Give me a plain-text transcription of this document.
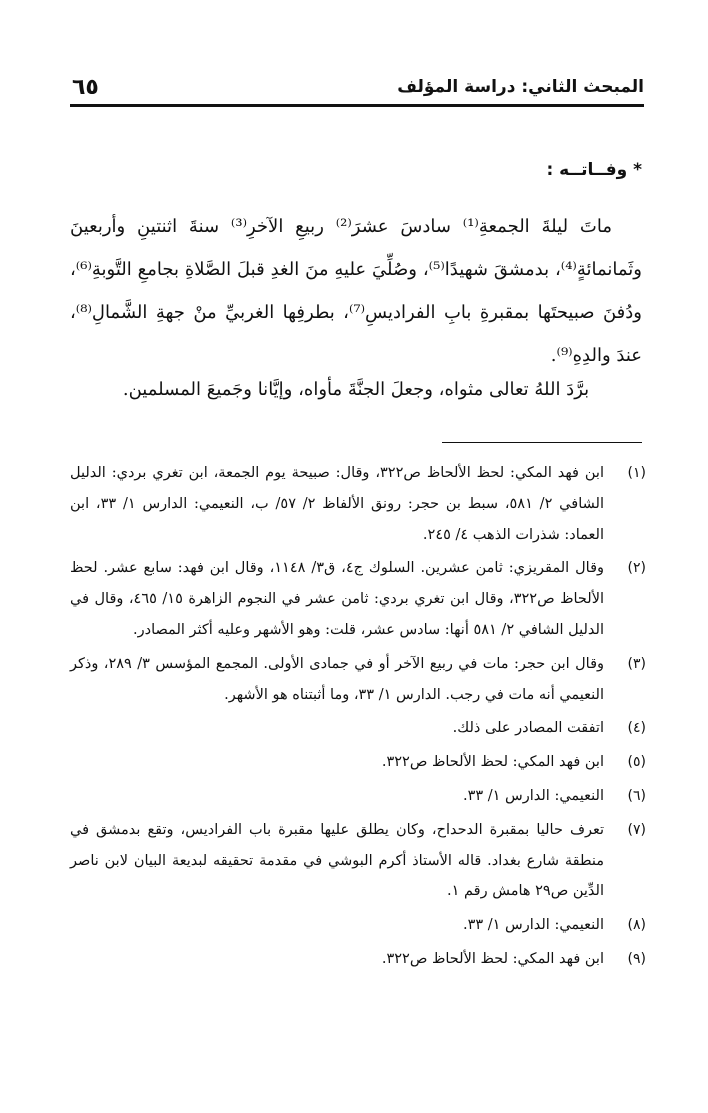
المبحث الثاني: دراسة المؤلف
٦٥
* وفــاتــه :

ماتَ ليلةَ الجمعةِ⁽¹⁾ سادسَ عشرَ⁽²⁾ ربيعِ الآخرِ⁽³⁾ سنةَ اثنتينِ وأربعينَ وثَمانمائةٍ⁽⁴⁾، بدمشقَ شهيدًا⁽⁵⁾، وصُلِّيَ عليهِ منَ الغدِ قبلَ الصَّلاةِ بجامعِ التَّوبةِ⁽⁶⁾، ودُفنَ صبيحتَها بمقبرةِ بابِ الفراديسِ⁽⁷⁾، بطرفِها الغربيِّ منْ جهةِ الشَّمالِ⁽⁸⁾، عندَ والدِهِ⁽⁹⁾.

برَّدَ اللهُ تعالى مثواه، وجعلَ الجنَّةَ مأواه، وإيَّانا وجَميعَ المسلمين.
(١)
ابن فهد المكي: لحظ الألحاظ ص٣٢٢، وقال: صبيحة يوم الجمعة، ابن تغري بردي: الدليل الشافي ٢/ ٥٨١، سبط بن حجر: رونق الألفاظ ٢/ ٥٧/ ب، النعيمي: الدارس ١/ ٣٣، ابن العماد: شذرات الذهب ٤/ ٢٤٥.
(٢)
وقال المقريزي: ثامن عشرين. السلوك ج٤، ق٣/ ١١٤٨، وقال ابن فهد: سابع عشر. لحظ الألحاظ ص٣٢٢، وقال ابن تغري بردي: ثامن عشر في النجوم الزاهرة ١٥/ ٤٦٥، وقال في الدليل الشافي ٢/ ٥٨١ أنها: سادس عشر، قلت: وهو الأشهر وعليه أكثر المصادر.
(٣)
وقال ابن حجر: مات في ربيع الآخر أو في جمادى الأولى. المجمع المؤسس ٣/ ٢٨٩، وذكر النعيمي أنه مات في رجب. الدارس ١/ ٣٣، وما أثبتناه هو الأشهر.
(٤)
اتفقت المصادر على ذلك.
(٥)
ابن فهد المكي: لحظ الألحاظ ص٣٢٢.
(٦)
النعيمي: الدارس ١/ ٣٣.
(٧)
تعرف حاليا بمقبرة الدحداح، وكان يطلق عليها مقبرة باب الفراديس، وتقع بدمشق في منطقة شارع بغداد. قاله الأستاذ أكرم البوشي في مقدمة تحقيقه لبديعة البيان لابن ناصر الدِّين ص٢٩ هامش رقم ١.
(٨)
النعيمي: الدارس ١/ ٣٣.
(٩)
ابن فهد المكي: لحظ الألحاظ ص٣٢٢.
